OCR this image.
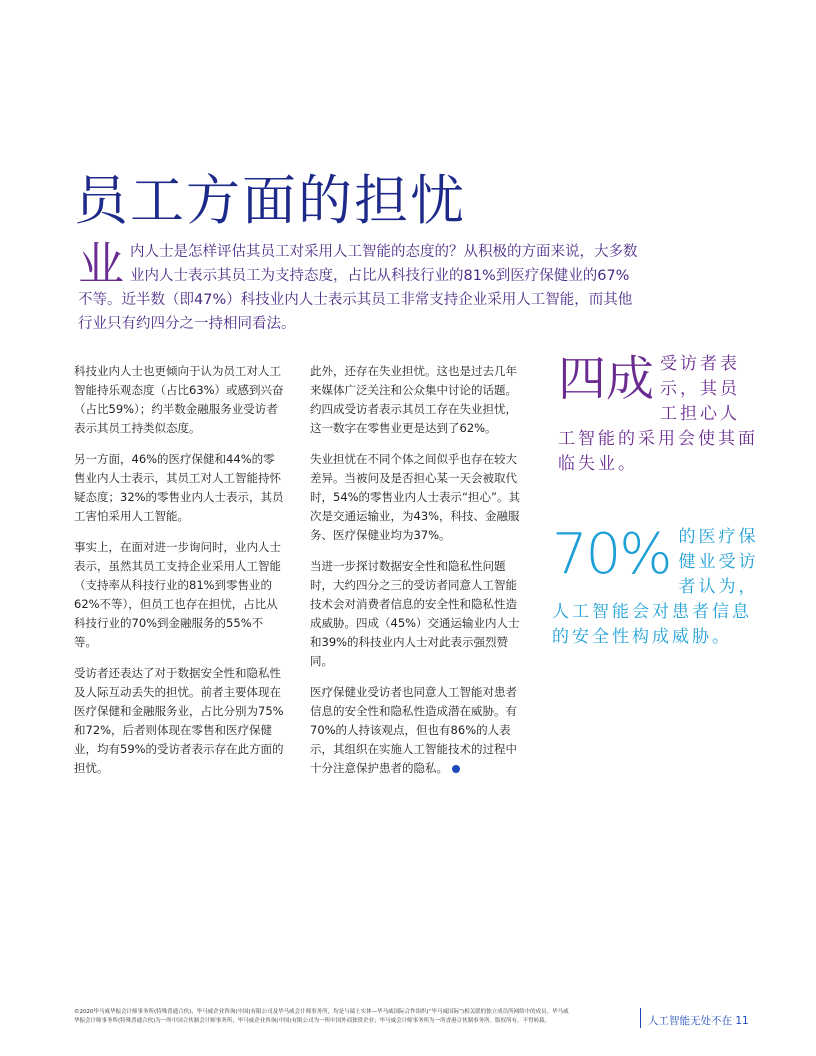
员工方面的担忧
业内人士是怎样评估其员工对采用人工智能的态度的？从积极的方面来说，大多数业内人士表示其员工为支持态度，占比从科技行业的81%到医疗保健业的67%不等。近半数（即47%）科技业内人士表示其员工非常支持企业采用人工智能，而其他行业只有约四分之一持相同看法。

科技业内人士也更倾向于认为员工对人工智能持乐观态度（占比63%）或感到兴奋（占比59%）；约半数金融服务业受访者表示其员工持类似态度。

另一方面，46%的医疗保健和44%的零售业内人士表示，其员工对人工智能持怀疑态度；32%的零售业内人士表示，其员工害怕采用人工智能。

事实上，在面对进一步询问时，业内人士表示，虽然其员工支持企业采用人工智能（支持率从科技行业的81%到零售业的62%不等），但员工也存在担忧，占比从科技行业的70%到金融服务的55%不等。

受访者还表达了对于数据安全性和隐私性及人际互动丢失的担忧。前者主要体现在医疗保健和金融服务业，占比分别为75%和72%，后者则体现在零售和医疗保健业，均有59%的受访者表示存在此方面的担忧。

此外，还存在失业担忧。这也是过去几年来媒体广泛关注和公众集中讨论的话题。约四成受访者表示其员工存在失业担忧，这一数字在零售业更是达到了62%。

失业担忧在不同个体之间似乎也存在较大差异。当被问及是否担心某一天会被取代时，54%的零售业内人士表示“担心”。其次是交通运输业，为43%，科技、金融服务、医疗保健业均为37%。

当进一步探讨数据安全性和隐私性问题时，大约四分之三的受访者同意人工智能技术会对消费者信息的安全性和隐私性造成威胁。四成（45%）交通运输业内人士和39%的科技业内人士对此表示强烈赞同。

医疗保健业受访者也同意人工智能对患者信息的安全性和隐私性造成潜在威胁。有70%的人持该观点，但也有86%的人表示，其组织在实施人工智能技术的过程中十分注意保护患者的隐私。

四成 受访者表示，其员工担心人工智能的采用会使其面临失业。
70% 的医疗保健业受访者认为，人工智能会对患者信息的安全性构成威胁。
©2020毕马威华振会计师事务所(特殊普通合伙)、毕马威企业咨询(中国)有限公司及毕马威会计师事务所，均是与瑞士实体—毕马威国际合作组织(“毕马威国际”)相关联的独立成员所网络中的成员。毕马威华振会计师事务所(特殊普通合伙)为一所中国合伙制会计师事务所；毕马威企业咨询(中国)有限公司为一所中国外商独资企业；毕马威会计师事务所为一所香港合伙制事务所。版权所有，不得转载。	人工智能无处不在 11
